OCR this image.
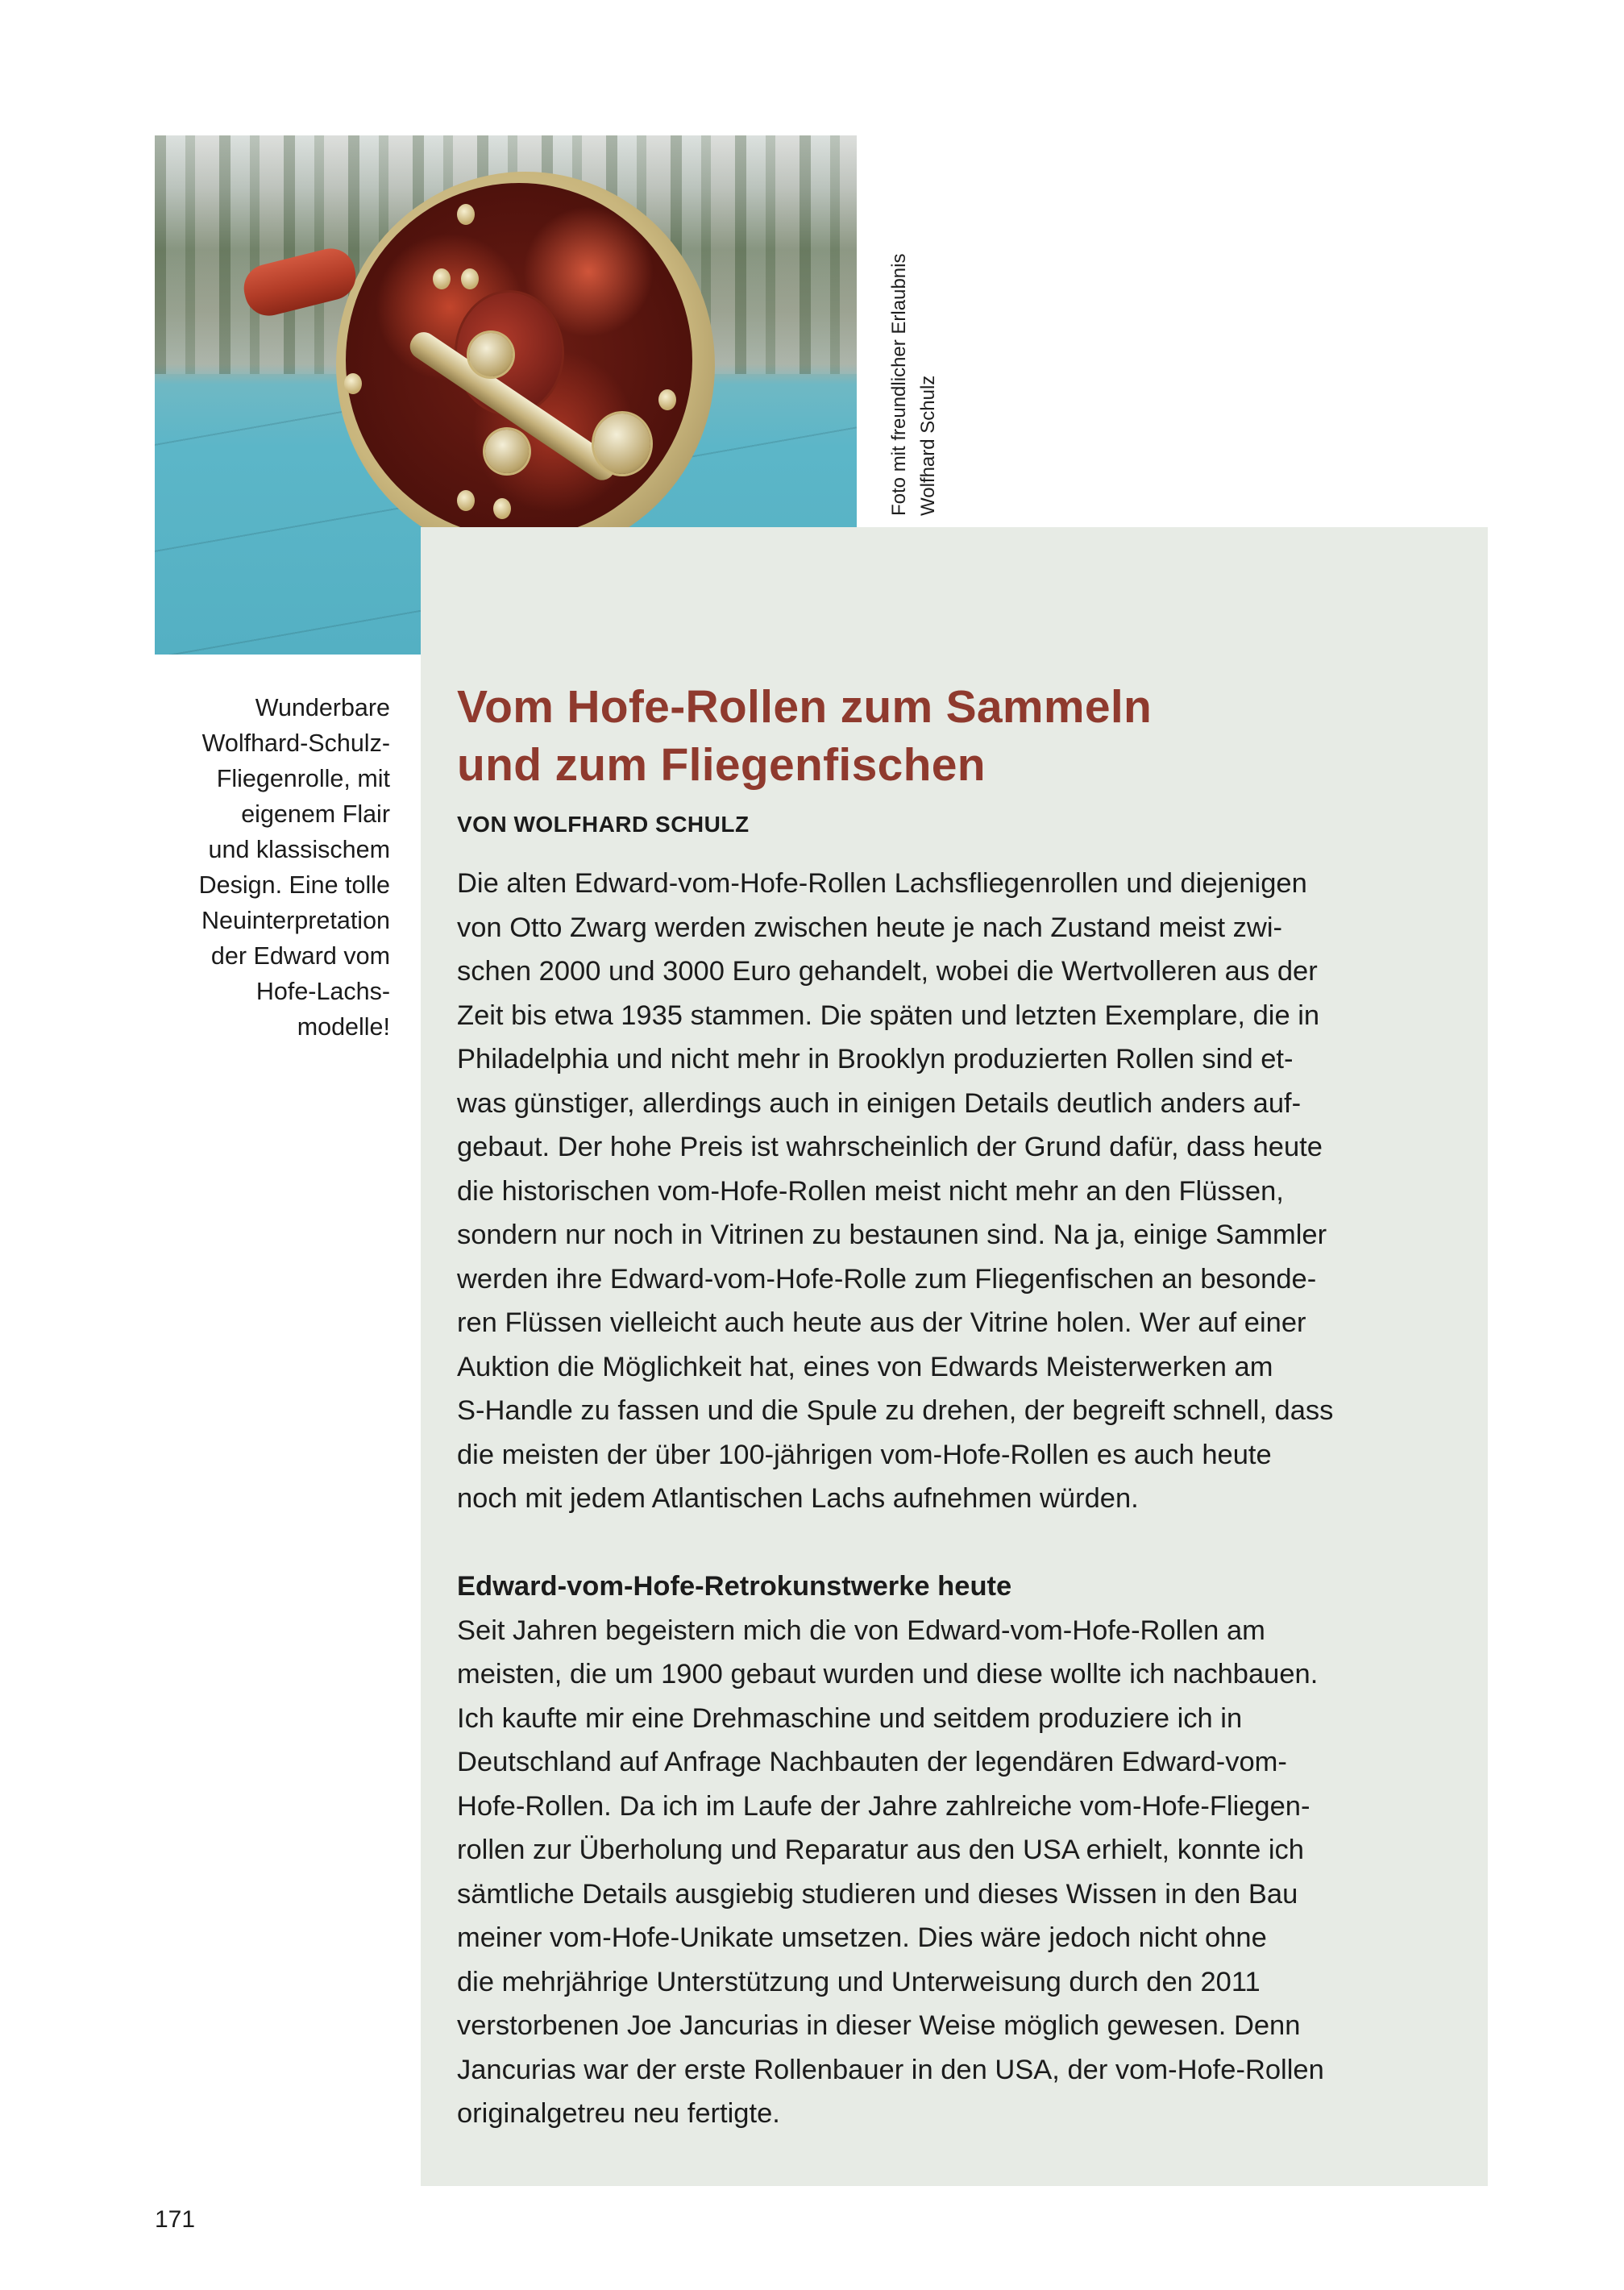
Foto mit freundlicher Erlaubnis Wolfhard Schulz
Wunderbare
Wolfhard-Schulz-
Fliegenrolle, mit
eigenem Flair
und klassischem
Design. Eine tolle
Neuinterpretation
der Edward vom
Hofe-Lachs-
modelle!
Vom Hofe-Rollen zum Sammeln
und zum Fliegenfischen
VON WOLFHARD SCHULZ
Die alten Edward-vom-Hofe-Rollen Lachsfliegenrollen und diejenigen
von Otto Zwarg werden zwischen heute je nach Zustand meist zwi-
schen 2000 und 3000 Euro gehandelt, wobei die Wertvolleren aus der
Zeit bis etwa 1935 stammen. Die späten und letzten Exemplare, die in
Philadelphia und nicht mehr in Brooklyn produzierten Rollen sind et-
was günstiger, allerdings auch in einigen Details deutlich anders auf-
gebaut. Der hohe Preis ist wahrscheinlich der Grund dafür, dass heute
die historischen vom-Hofe-Rollen meist nicht mehr an den Flüssen,
sondern nur noch in Vitrinen zu bestaunen sind. Na ja, einige Sammler
werden ihre Edward-vom-Hofe-Rolle zum Fliegenfischen an besonde-
ren Flüssen vielleicht auch heute aus der Vitrine holen. Wer auf einer
Auktion die Möglichkeit hat, eines von Edwards Meisterwerken am
S-Handle zu fassen und die Spule zu drehen, der begreift schnell, dass
die meisten der über 100-jährigen vom-Hofe-Rollen es auch heute
noch mit jedem Atlantischen Lachs aufnehmen würden.
Edward-vom-Hofe-Retrokunstwerke heute
Seit Jahren begeistern mich die von Edward-vom-Hofe-Rollen am
meisten, die um 1900 gebaut wurden und diese wollte ich nachbauen.
Ich kaufte mir eine Drehmaschine und seitdem produziere ich in
Deutschland auf Anfrage Nachbauten der legendären Edward-vom-
Hofe-Rollen. Da ich im Laufe der Jahre zahlreiche vom-Hofe-Fliegen-
rollen zur Überholung und Reparatur aus den USA erhielt, konnte ich
sämtliche Details ausgiebig studieren und dieses Wissen in den Bau
meiner vom-Hofe-Unikate umsetzen. Dies wäre jedoch nicht ohne
die mehrjährige Unterstützung und Unterweisung durch den 2011
verstorbenen Joe Jancurias in dieser Weise möglich gewesen. Denn
Jancurias war der erste Rollenbauer in den USA, der vom-Hofe-Rollen
originalgetreu neu fertigte.
171
